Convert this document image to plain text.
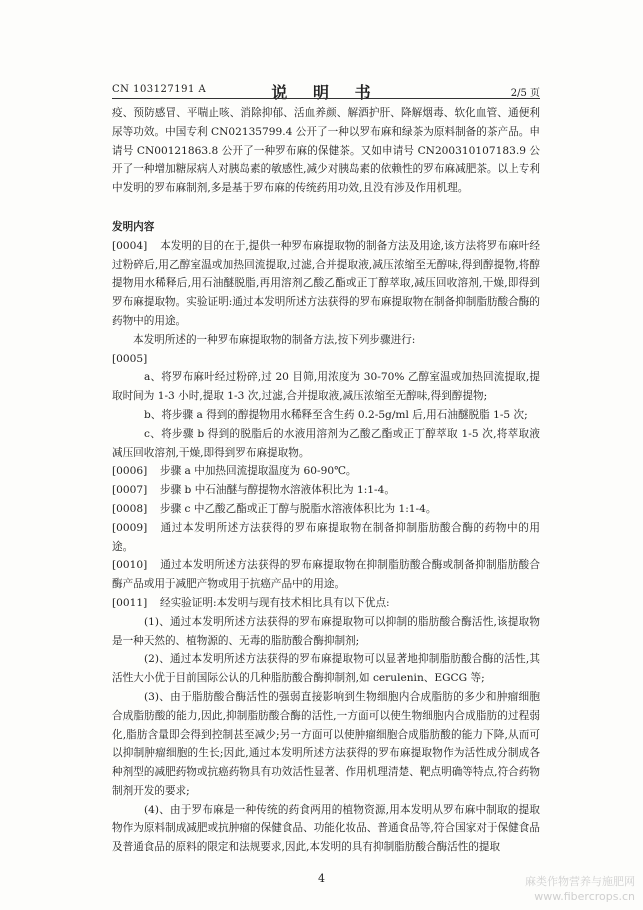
CN 103127191 A	说 明 书	2/5 页

疫、预防感冒、平喘止咳、消除抑郁、活血养颜、解酒护肝、降解烟毒、软化血管、通便利尿等功效。中国专利 CN02135799.4 公开了一种以罗布麻和绿茶为原料制备的茶产品。申请号 CN00121863.8 公开了一种罗布麻的保健茶。又如申请号 CN200310107183.9 公开了一种增加糖尿病人对胰岛素的敏感性,减少对胰岛素的依赖性的罗布麻减肥茶。以上专利中发明的罗布麻制剂,多是基于罗布麻的传统药用功效,且没有涉及作用机理。

发明内容

[0004] 本发明的目的在于,提供一种罗布麻提取物的制备方法及用途,该方法将罗布麻叶经过粉碎后,用乙醇室温或加热回流提取,过滤,合并提取液,减压浓缩至无醇味,得到醇提物,将醇提物用水稀释后,用石油醚脱脂,再用溶剂乙酸乙酯或正丁醇萃取,减压回收溶剂,干燥,即得到罗布麻提取物。实验证明:通过本发明所述方法获得的罗布麻提取物在制备抑制脂肪酸合酶的药物中的用途。

本发明所述的一种罗布麻提取物的制备方法,按下列步骤进行:

[0005]

a、将罗布麻叶经过粉碎,过 20 目筛,用浓度为 30-70% 乙醇室温或加热回流提取,提取时间为 1-3 小时,提取 1-3 次,过滤,合并提取液,减压浓缩至无醇味,得到醇提物;

b、将步骤 a 得到的醇提物用水稀释至含生药 0.2-5g/ml 后,用石油醚脱脂 1-5 次;

c、将步骤 b 得到的脱脂后的水液用溶剂为乙酸乙酯或正丁醇萃取 1-5 次,将萃取液减压回收溶剂,干燥,即得到罗布麻提取物。

[0006] 步骤 a 中加热回流提取温度为 60-90℃。

[0007] 步骤 b 中石油醚与醇提物水溶液体积比为 1:1-4。

[0008] 步骤 c 中乙酸乙酯或正丁醇与脱脂水溶液体积比为 1:1-4。

[0009] 通过本发明所述方法获得的罗布麻提取物在制备抑制脂肪酸合酶的药物中的用途。

[0010] 通过本发明所述方法获得的罗布麻提取物在抑制脂肪酸合酶或制备抑制脂肪酸合酶产品或用于减肥产物或用于抗癌产品中的用途。

[0011] 经实验证明:本发明与现有技术相比具有以下优点:

(1)、通过本发明所述方法获得的罗布麻提取物可以抑制的脂肪酸合酶活性,该提取物是一种天然的、植物源的、无毒的脂肪酸合酶抑制剂;

(2)、通过本发明所述方法获得的罗布麻提取物可以显著地抑制脂肪酸合酶的活性,其活性大小优于目前国际公认的几种脂肪酸合酶抑制剂,如 cerulenin、EGCG 等;

(3)、由于脂肪酸合酶活性的强弱直接影响到生物细胞内合成脂肪的多少和肿瘤细胞合成脂肪酸的能力,因此,抑制脂肪酸合酶的活性,一方面可以使生物细胞内合成脂肪的过程弱化,脂肪含量即会得到控制甚至减少;另一方面可以使肿瘤细胞合成脂肪酸的能力下降,从而可以抑制肿瘤细胞的生长;因此,通过本发明所述方法获得的罗布麻提取物作为活性成分制成各种剂型的减肥药物或抗癌药物具有功效活性显著、作用机理清楚、靶点明确等特点,符合药物制剂开发的要求;

(4)、由于罗布麻是一种传统的药食两用的植物资源,用本发明从罗布麻中制取的提取物作为原料制成减肥或抗肿瘤的保健食品、功能化妆品、普通食品等,符合国家对于保健食品及普通食品的原料的限定和法规要求,因此,本发明的具有抑制脂肪酸合酶活性的提取

4	麻类作物营养与施肥网
www.fibercrops.cn
